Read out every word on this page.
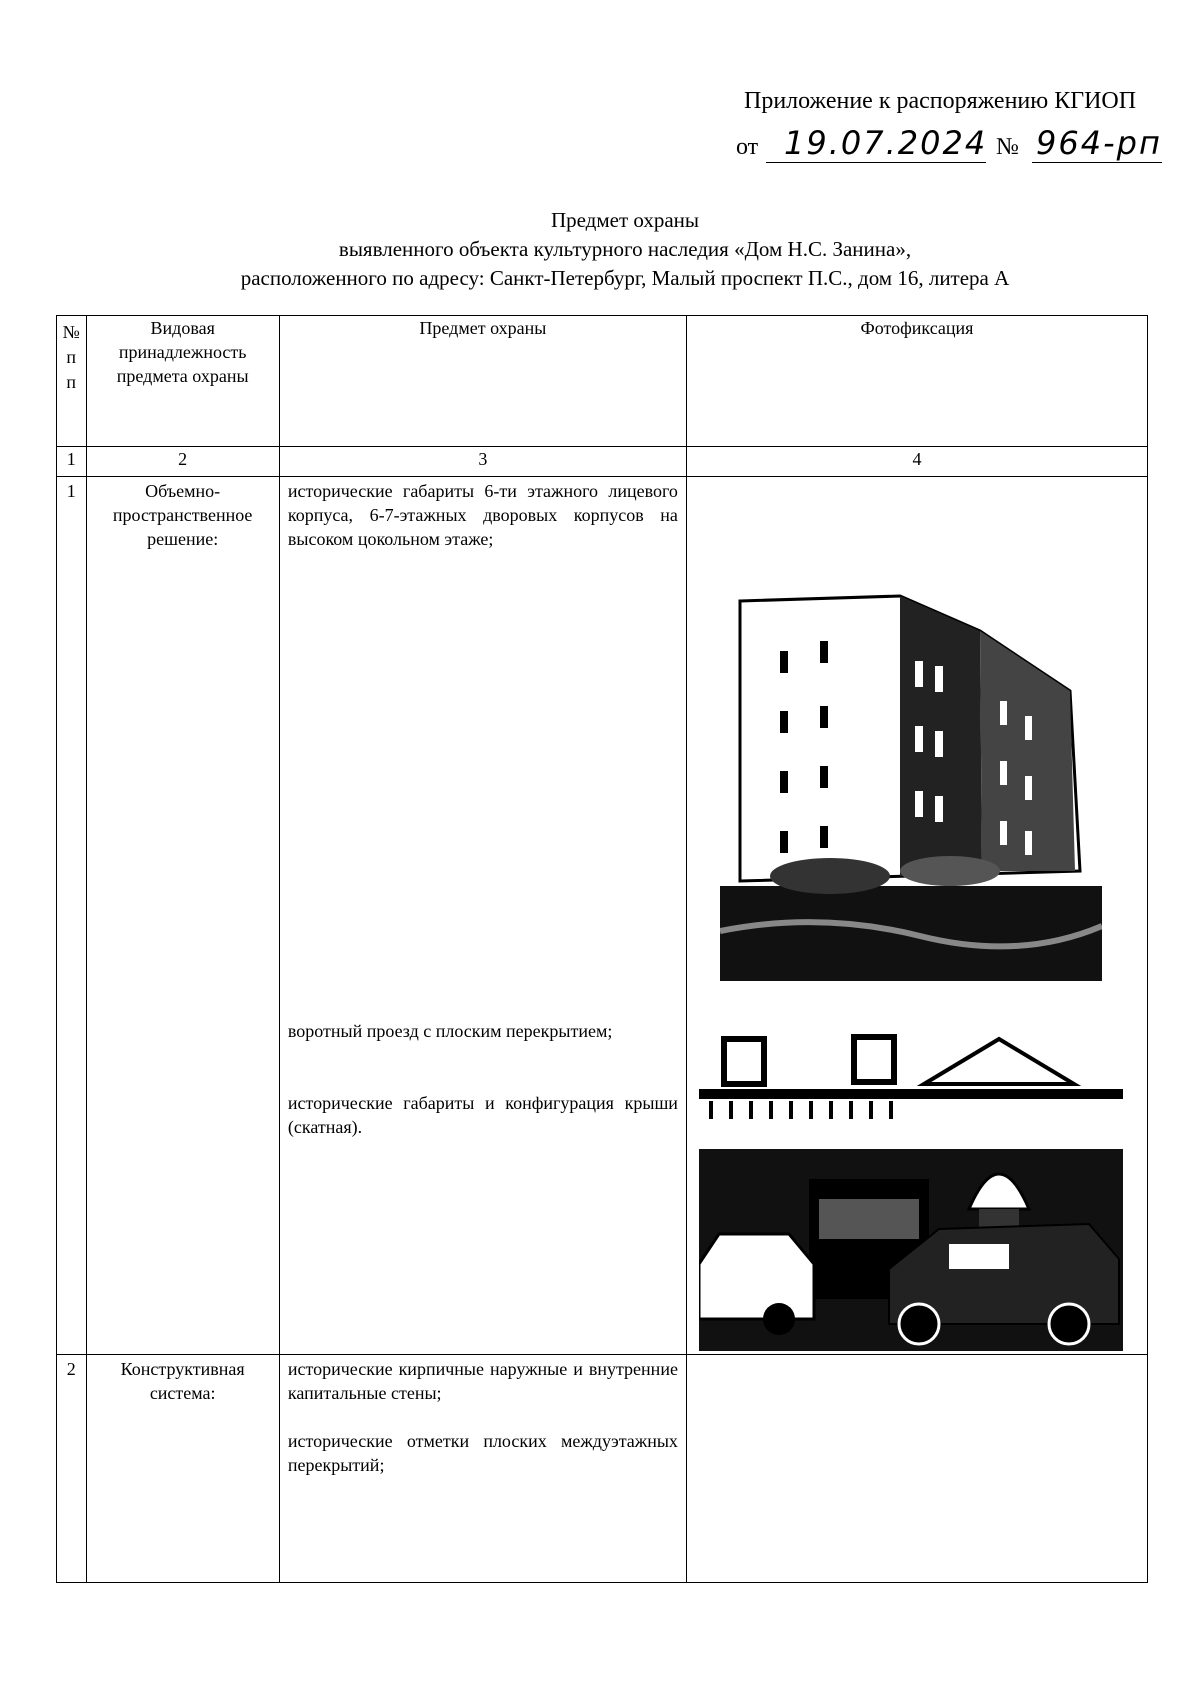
Приложение к распоряжению КГИОП
от 19.07.2024 № 964-рп
Предмет охраны
выявленного объекта культурного наследия «Дом Н.С. Занина»,
расположенного по адресу: Санкт-Петербург, Малый проспект П.С., дом 16, литера А
№
п
п	Видовая принадлежность предмета охраны	Предмет охраны	Фотофиксация
1	2	3	4
1	Объемно-пространственное решение:	исторические габариты 6-ти этажного лицевого корпуса, 6-7-этажных дворовых корпусов на высоком цокольном этаже;

воротный проезд с плоским перекрытием;

исторические габариты и конфигурация крыши (скатная).

2	Конструктивная система:	исторические кирпичные наружные и внутренние капитальные стены;

исторические отметки плоских междуэтажных перекрытий;	
